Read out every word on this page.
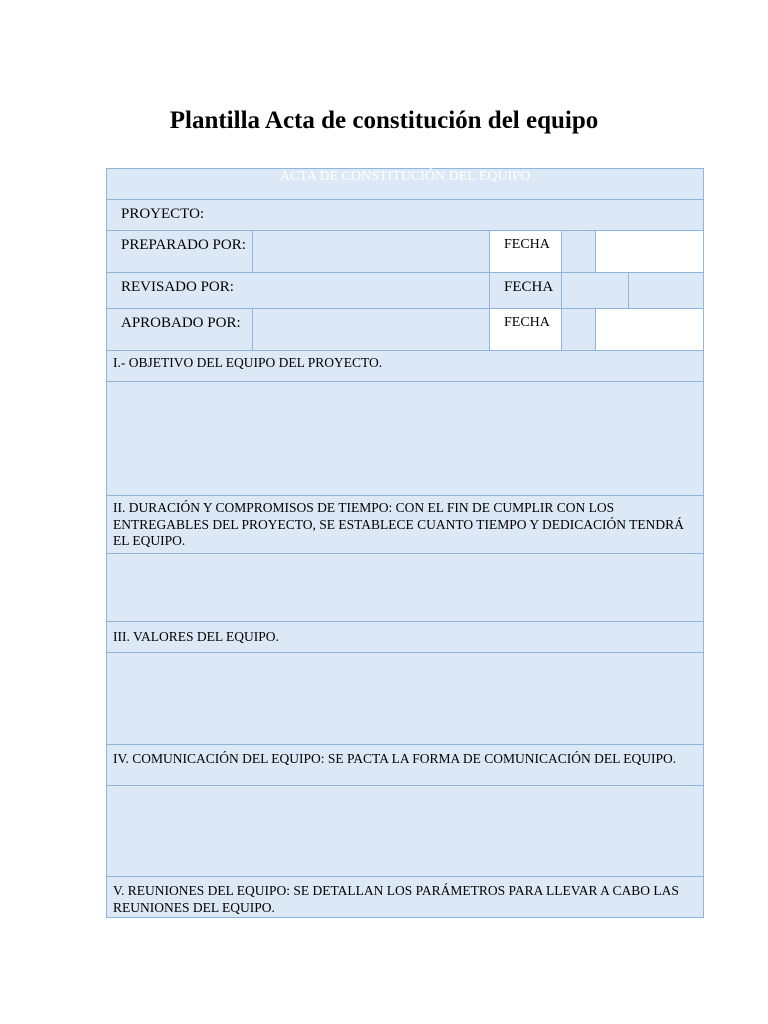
Plantilla Acta de constitución del equipo
ACTA DE CONSTITUCIÓN DEL EQUIPO					
PROYECTO:					
PREPARADO POR:		FECHA			
REVISADO POR:		FECHA			
APROBADO POR:		FECHA			
I.- OBJETIVO DEL EQUIPO DEL PROYECTO.					

II. DURACIÓN Y COMPROMISOS DE TIEMPO: CON EL FIN DE CUMPLIR CON LOS ENTREGABLES DEL PROYECTO, SE ESTABLECE CUANTO TIEMPO Y DEDICACIÓN TENDRÁ EL EQUIPO.					

III. VALORES DEL EQUIPO.					

IV. COMUNICACIÓN DEL EQUIPO: SE PACTA LA FORMA DE COMUNICACIÓN DEL EQUIPO.					

V. REUNIONES DEL EQUIPO: SE DETALLAN LOS PARÁMETROS PARA LLEVAR A CABO LAS REUNIONES DEL EQUIPO.					
